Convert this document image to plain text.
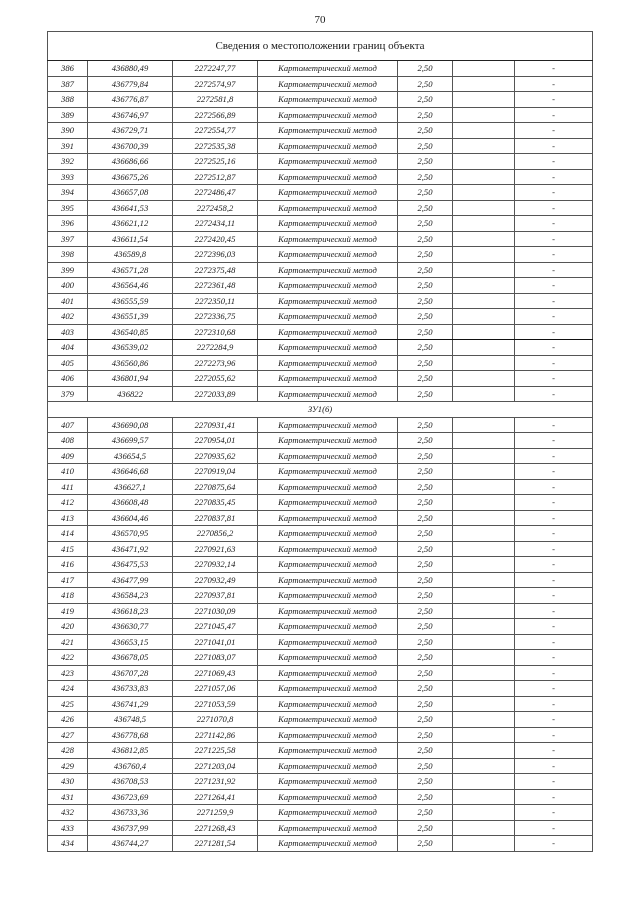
70
Сведения о местоположении границ объекта						
386	436880,49	2272247,77	Картометрический метод	2,50		-
387	436779,84	2272574,97	Картометрический метод	2,50		-
388	436776,87	2272581,8	Картометрический метод	2,50		-
389	436746,97	2272566,89	Картометрический метод	2,50		-
390	436729,71	2272554,77	Картометрический метод	2,50		-
391	436700,39	2272535,38	Картометрический метод	2,50		-
392	436686,66	2272525,16	Картометрический метод	2,50		-
393	436675,26	2272512,87	Картометрический метод	2,50		-
394	436657,08	2272486,47	Картометрический метод	2,50		-
395	436641,53	2272458,2	Картометрический метод	2,50		-
396	436621,12	2272434,11	Картометрический метод	2,50		-
397	436611,54	2272420,45	Картометрический метод	2,50		-
398	436589,8	2272396,03	Картометрический метод	2,50		-
399	436571,28	2272375,48	Картометрический метод	2,50		-
400	436564,46	2272361,48	Картометрический метод	2,50		-
401	436555,59	2272350,11	Картометрический метод	2,50		-
402	436551,39	2272336,75	Картометрический метод	2,50		-
403	436540,85	2272310,68	Картометрический метод	2,50		-
404	436539,02	2272284,9	Картометрический метод	2,50		-
405	436560,86	2272273,96	Картометрический метод	2,50		-
406	436801,94	2272055,62	Картометрический метод	2,50		-
379	436822	2272033,89	Картометрический метод	2,50		-
ЗУ1(6)						
407	436690,08	2270931,41	Картометрический метод	2,50		-
408	436699,57	2270954,01	Картометрический метод	2,50		-
409	436654,5	2270935,62	Картометрический метод	2,50		-
410	436646,68	2270919,04	Картометрический метод	2,50		-
411	436627,1	2270875,64	Картометрический метод	2,50		-
412	436608,48	2270835,45	Картометрический метод	2,50		-
413	436604,46	2270837,81	Картометрический метод	2,50		-
414	436570,95	2270856,2	Картометрический метод	2,50		-
415	436471,92	2270921,63	Картометрический метод	2,50		-
416	436475,53	2270932,14	Картометрический метод	2,50		-
417	436477,99	2270932,49	Картометрический метод	2,50		-
418	436584,23	2270937,81	Картометрический метод	2,50		-
419	436618,23	2271030,09	Картометрический метод	2,50		-
420	436630,77	2271045,47	Картометрический метод	2,50		-
421	436653,15	2271041,01	Картометрический метод	2,50		-
422	436678,05	2271083,07	Картометрический метод	2,50		-
423	436707,28	2271069,43	Картометрический метод	2,50		-
424	436733,83	2271057,06	Картометрический метод	2,50		-
425	436741,29	2271053,59	Картометрический метод	2,50		-
426	436748,5	2271070,8	Картометрический метод	2,50		-
427	436778,68	2271142,86	Картометрический метод	2,50		-
428	436812,85	2271225,58	Картометрический метод	2,50		-
429	436760,4	2271203,04	Картометрический метод	2,50		-
430	436708,53	2271231,92	Картометрический метод	2,50		-
431	436723,69	2271264,41	Картометрический метод	2,50		-
432	436733,36	2271259,9	Картометрический метод	2,50		-
433	436737,99	2271268,43	Картометрический метод	2,50		-
434	436744,27	2271281,54	Картометрический метод	2,50		-
